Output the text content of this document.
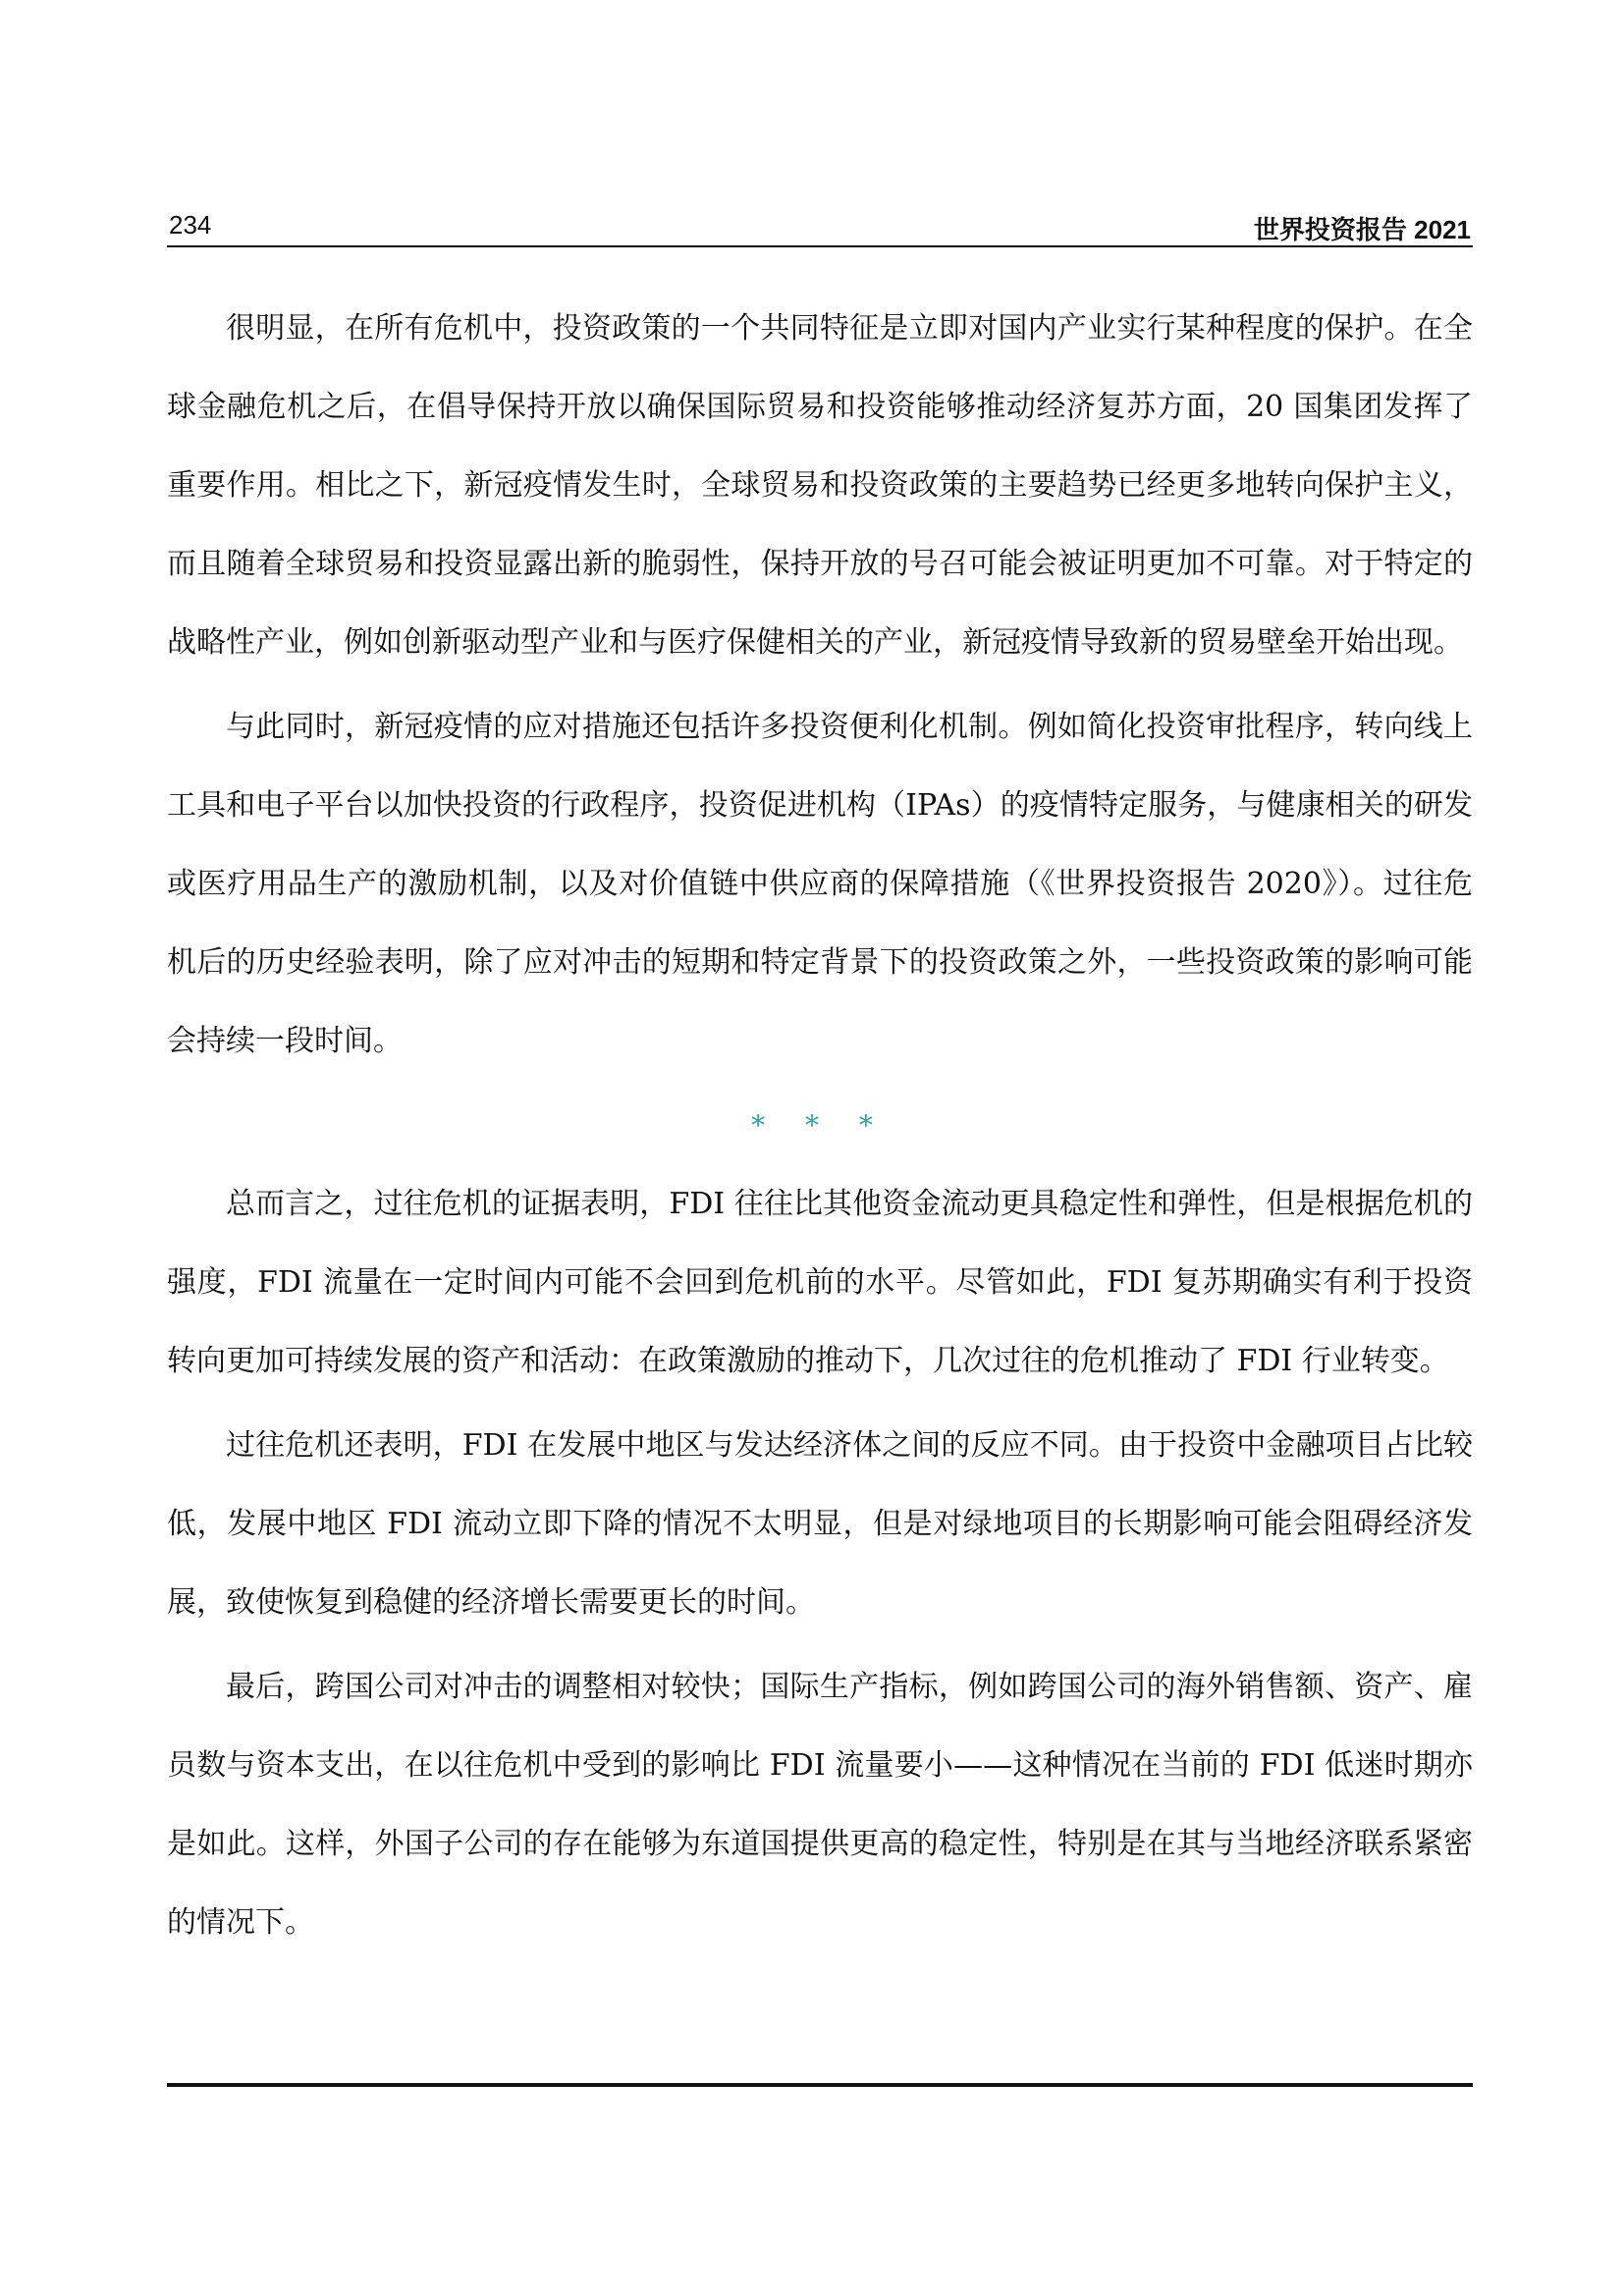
234	世界投资报告 2021

很明显，在所有危机中，投资政策的一个共同特征是立即对国内产业实行某种程度的保护。在全球金融危机之后，在倡导保持开放以确保国际贸易和投资能够推动经济复苏方面，20 国集团发挥了重要作用。相比之下，新冠疫情发生时，全球贸易和投资政策的主要趋势已经更多地转向保护主义，而且随着全球贸易和投资显露出新的脆弱性，保持开放的号召可能会被证明更加不可靠。对于特定的战略性产业，例如创新驱动型产业和与医疗保健相关的产业，新冠疫情导致新的贸易壁垒开始出现。

与此同时，新冠疫情的应对措施还包括许多投资便利化机制。例如简化投资审批程序，转向线上工具和电子平台以加快投资的行政程序，投资促进机构（IPAs）的疫情特定服务，与健康相关的研发或医疗用品生产的激励机制，以及对价值链中供应商的保障措施（《世界投资报告 2020》）。过往危机后的历史经验表明，除了应对冲击的短期和特定背景下的投资政策之外，一些投资政策的影响可能会持续一段时间。

* * *

总而言之，过往危机的证据表明，FDI 往往比其他资金流动更具稳定性和弹性，但是根据危机的强度，FDI 流量在一定时间内可能不会回到危机前的水平。尽管如此，FDI 复苏期确实有利于投资转向更加可持续发展的资产和活动：在政策激励的推动下，几次过往的危机推动了 FDI 行业转变。

过往危机还表明，FDI 在发展中地区与发达经济体之间的反应不同。由于投资中金融项目占比较低，发展中地区 FDI 流动立即下降的情况不太明显，但是对绿地项目的长期影响可能会阻碍经济发展，致使恢复到稳健的经济增长需要更长的时间。

最后，跨国公司对冲击的调整相对较快；国际生产指标，例如跨国公司的海外销售额、资产、雇员数与资本支出，在以往危机中受到的影响比 FDI 流量要小——这种情况在当前的 FDI 低迷时期亦是如此。这样，外国子公司的存在能够为东道国提供更高的稳定性，特别是在其与当地经济联系紧密的情况下。
